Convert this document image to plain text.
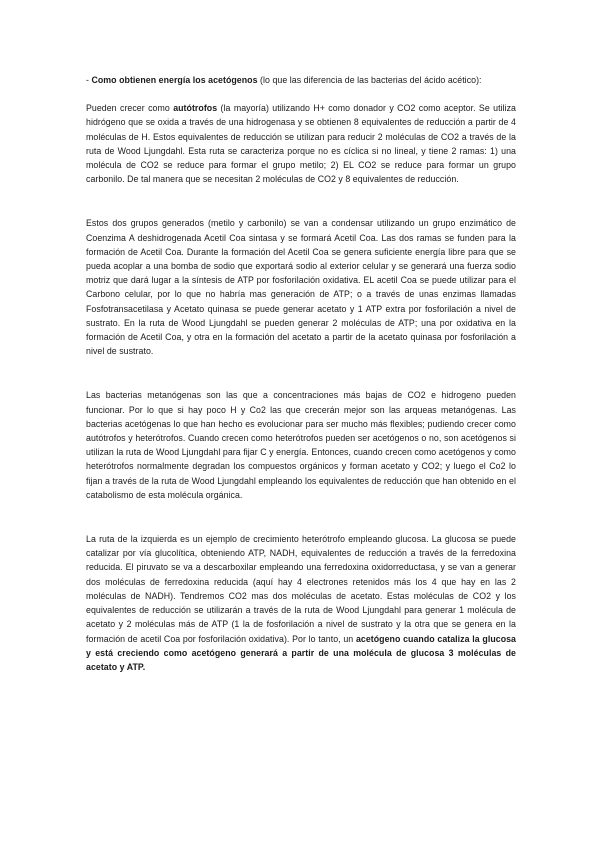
- Como obtienen energía los acetógenos (lo que las diferencia de las bacterias del ácido acético):

Pueden crecer como autótrofos (la mayoría) utilizando H+ como donador y CO2 como aceptor. Se utiliza hidrógeno que se oxida a través de una hidrogenasa y se obtienen 8 equivalentes de reducción a partir de 4 moléculas de H. Estos equivalentes de reducción se utilizan para reducir 2 moléculas de CO2 a través de la ruta de Wood Ljungdahl. Esta ruta se caracteriza porque no es cíclica si no lineal, y tiene 2 ramas: 1) una molécula de CO2 se reduce para formar el grupo metilo; 2) EL CO2 se reduce para formar un grupo carbonilo. De tal manera que se necesitan 2 moléculas de CO2 y 8 equivalentes de reducción.

Estos dos grupos generados (metilo y carbonilo) se van a condensar utilizando un grupo enzimático de Coenzima A deshidrogenada Acetil Coa sintasa y se formará Acetil Coa. Las dos ramas se funden para la formación de Acetil Coa. Durante la formación del Acetil Coa se genera suficiente energía libre para que se pueda acoplar a una bomba de sodio que exportará sodio al exterior celular y se generará una fuerza sodio motriz que dará lugar a la síntesis de ATP por fosforilación oxidativa. EL acetil Coa se puede utilizar para el Carbono celular, por lo que no habría mas generación de ATP; o a través de unas enzimas llamadas Fosfotransacetilasa y Acetato quinasa se puede generar acetato y 1 ATP extra por fosforilación a nivel de sustrato. En la ruta de Wood Ljungdahl se pueden generar 2 moléculas de ATP; una por oxidativa en la formación de Acetil Coa, y otra en la formación del acetato a partir de la acetato quinasa por fosforilación a nivel de sustrato.

Las bacterias metanógenas son las que a concentraciones más bajas de CO2 e hidrogeno pueden funcionar. Por lo que si hay poco H y Co2 las que crecerán mejor son las arqueas metanógenas. Las bacterias acetógenas lo que han hecho es evolucionar para ser mucho más flexibles; pudiendo crecer como autótrofos y heterótrofos. Cuando crecen como heterótrofos pueden ser acetógenos o no, son acetógenos si utilizan la ruta de Wood Ljungdahl para fijar C y energía. Entonces, cuando crecen como acetógenos y como heterótrofos normalmente degradan los compuestos orgánicos y forman acetato y CO2; y luego el Co2 lo fijan a través de la ruta de Wood Ljungdahl empleando los equivalentes de reducción que han obtenido en el catabolismo de esta molécula orgánica.

La ruta de la izquierda es un ejemplo de crecimiento heterótrofo empleando glucosa. La glucosa se puede catalizar por vía glucolítica, obteniendo ATP, NADH, equivalentes de reducción a través de la ferredoxina reducida. El piruvato se va a descarboxilar empleando una ferredoxina oxidorreductasa, y se van a generar dos moléculas de ferredoxina reducida (aquí hay 4 electrones retenidos más los 4 que hay en las 2 moléculas de NADH). Tendremos CO2 mas dos moléculas de acetato. Estas moléculas de CO2 y los equivalentes de reducción se utilizarán a través de la ruta de Wood Ljungdahl para generar 1 molécula de acetato y 2 moléculas más de ATP (1 la de fosforilación a nivel de sustrato y la otra que se genera en la formación de acetil Coa por fosforilación oxidativa). Por lo tanto, un acetógeno cuando cataliza la glucosa y está creciendo como acetógeno generará a partir de una molécula de glucosa 3 moléculas de acetato y ATP.
